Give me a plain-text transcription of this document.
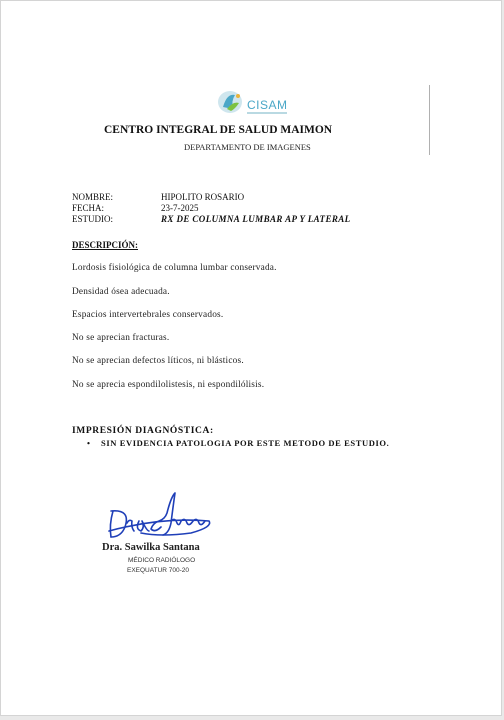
CISAM
CENTRO INTEGRAL DE SALUD MAIMON
DEPARTAMENTO DE IMAGENES
NOMBRE:	HIPOLITO ROSARIO
FECHA:	23-7-2025
ESTUDIO:	RX DE COLUMNA LUMBAR AP Y LATERAL
DESCRIPCIÓN:
Lordosis fisiológica de columna lumbar conservada.
Densidad ósea adecuada.
Espacios intervertebrales conservados.
No se aprecian fracturas.
No se aprecian defectos líticos, ni blásticos.
No se aprecia espondilolistesis, ni espondilólisis.
IMPRESIÓN DIAGNÓSTICA:
• SIN EVIDENCIA PATOLOGIA POR ESTE METODO DE ESTUDIO.
Dra. Sawilka Santana
MÉDICO RADIÓLOGO
EXEQUATUR 700-20
